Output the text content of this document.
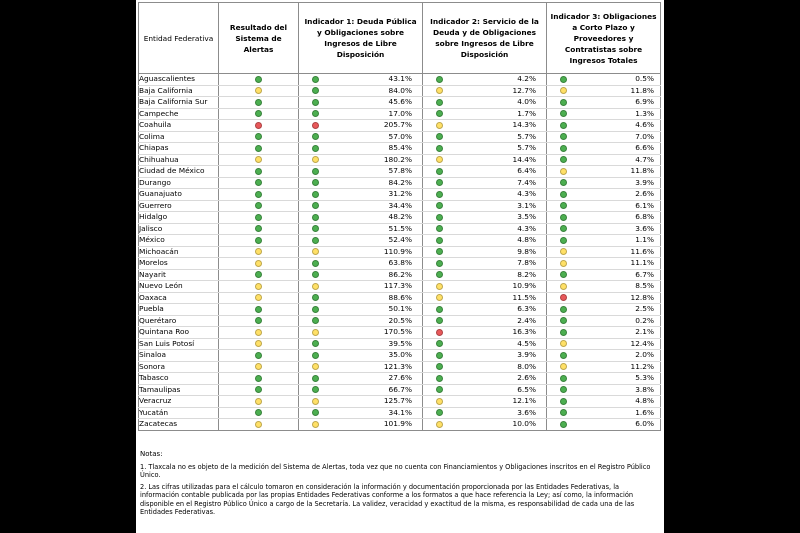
Entidad Federativa	Resultado del Sistema de Alertas	Indicador 1: Deuda Pública y Obligaciones sobre Ingresos de Libre Disposición	Indicador 2: Servicio de la Deuda y de Obligaciones sobre Ingresos de Libre Disposición	Indicador 3: Obligaciones a Corto Plazo y Proveedores y Contratistas sobre Ingresos Totales
Aguascalientes		43.1%	4.2%	0.5%

Baja California		84.0%	12.7%	11.8%

Baja California Sur		45.6%	4.0%	6.9%

Campeche		17.0%	1.7%	1.3%

Coahuila		205.7%	14.3%	4.6%

Colima		57.0%	5.7%	7.0%

Chiapas		85.4%	5.7%	6.6%

Chihuahua		180.2%	14.4%	4.7%

Ciudad de México		57.8%	6.4%	11.8%

Durango		84.2%	7.4%	3.9%

Guanajuato		31.2%	4.3%	2.6%

Guerrero		34.4%	3.1%	6.1%

Hidalgo		48.2%	3.5%	6.8%

Jalisco		51.5%	4.3%	3.6%

México		52.4%	4.8%	1.1%

Michoacán		110.9%	9.8%	11.6%

Morelos		63.8%	7.8%	11.1%

Nayarit		86.2%	8.2%	6.7%

Nuevo León		117.3%	10.9%	8.5%

Oaxaca		88.6%	11.5%	12.8%

Puebla		50.1%	6.3%	2.5%

Querétaro		20.5%	2.4%	0.2%

Quintana Roo		170.5%	16.3%	2.1%

San Luis Potosí		39.5%	4.5%	12.4%

Sinaloa		35.0%	3.9%	2.0%

Sonora		121.3%	8.0%	11.2%

Tabasco		27.6%	2.6%	5.3%

Tamaulipas		66.7%	6.5%	3.8%

Veracruz		125.7%	12.1%	4.8%

Yucatán		34.1%	3.6%	1.6%

Zacatecas		101.9%	10.0%	6.0%

Notas:

1. Tlaxcala no es objeto de la medición del Sistema de Alertas, toda vez que no cuenta con Financiamientos y Obligaciones inscritos en el Registro Público Único.

2. Las cifras utilizadas para el cálculo tomaron en consideración la información y documentación proporcionada por las Entidades Federativas, la información contable publicada por las propias Entidades Federativas conforme a los formatos a que hace referencia la Ley; así como, la información disponible en el Registro Público Único a cargo de la Secretaría. La validez, veracidad y exactitud de la misma, es responsabilidad de cada una de las Entidades Federativas.
